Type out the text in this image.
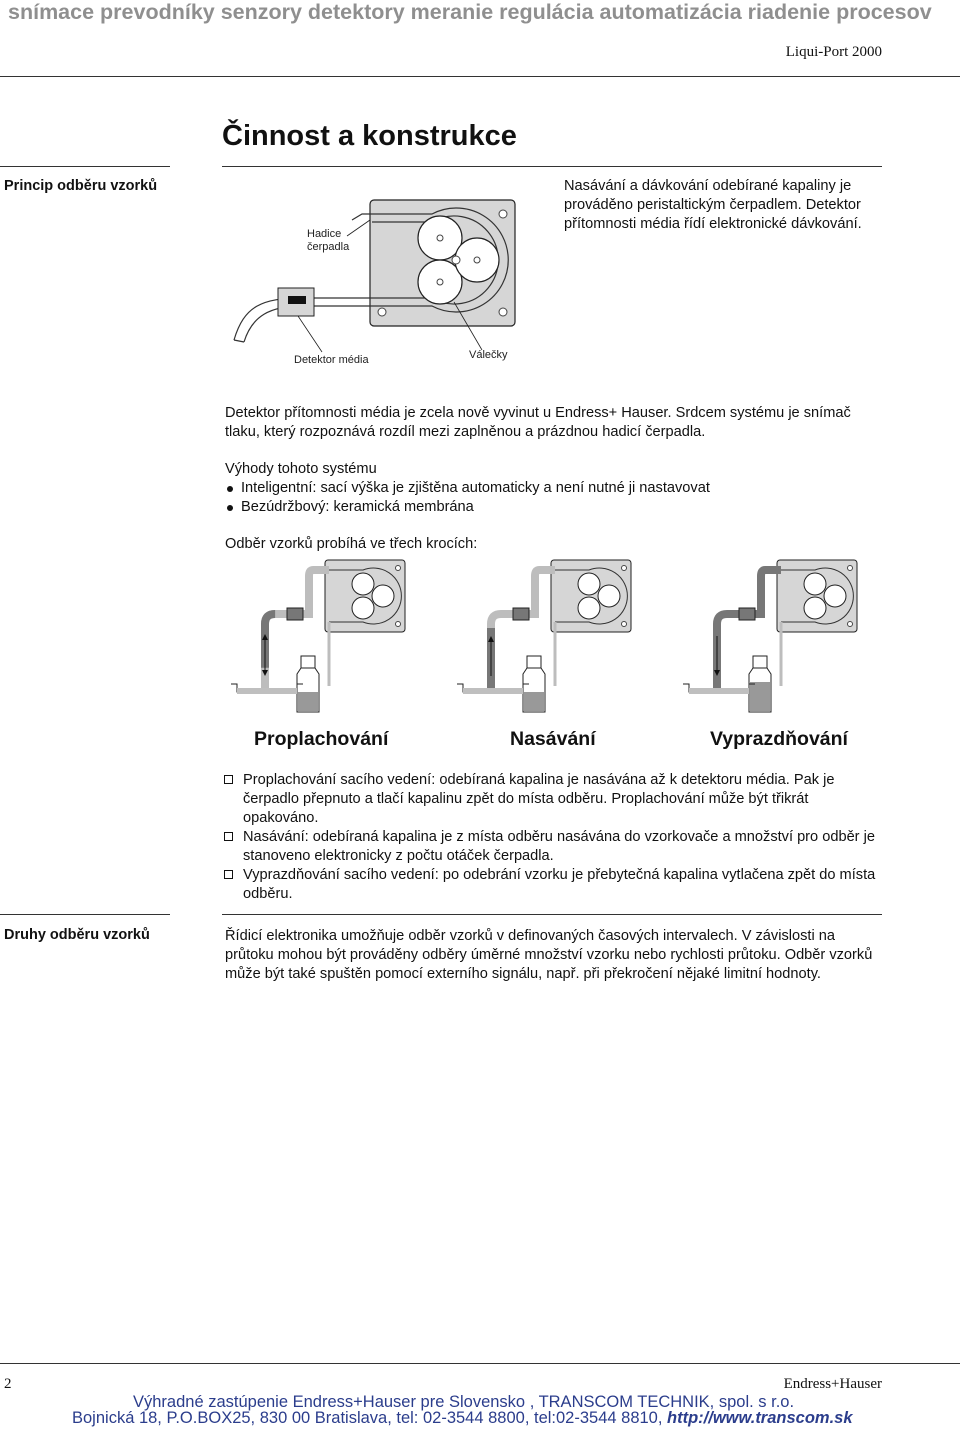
snímace prevodníky senzory detektory meranie regulácia automatizácia riadenie procesov
Liqui-Port 2000
Činnost a konstrukce
Princip odběru vzorků	Nasávání a dávkování odebírané kapaliny je prováděno peristaltickým čerpadlem. Detektor přítomnosti média řídí elektronické dávkování.
Hadice čerpadla
Detektor média	Válečky
Detektor přítomnosti média je zcela nově vyvinut u Endress+ Hauser. Srdcem systému je snímač tlaku, který rozpoznává rozdíl mezi zaplněnou a prázdnou hadicí čerpadla.
Výhody tohoto systému
Inteligentní: sací výška je zjištěna automaticky a není nutné ji nastavovat
Bezúdržbový: keramická membrána
Odběr vzorků probíhá ve třech krocích:
Proplachování	Nasávání	Vyprazdňování
Proplachování sacího vedení: odebíraná kapalina je nasávána až k detektoru média. Pak je čerpadlo přepnuto a tlačí kapalinu zpět do místa odběru. Proplachování může být třikrát opakováno.
Nasávání: odebíraná kapalina je z místa odběru nasávána do vzorkovače a množství pro odběr je stanoveno elektronicky z počtu otáček čerpadla.
Vyprazdňování sacího vedení: po odebrání vzorku je přebytečná kapalina vytlačena zpět do místa odběru.
Druhy odběru vzorků	Řídicí elektronika umožňuje odběr vzorků v definovaných časových intervalech. V závislosti na průtoku mohou být prováděny odběry úměrné množství vzorku nebo rychlosti průtoku. Odběr vzorků může být také spuštěn pomocí externího signálu, např. při překročení nějaké limitní hodnoty.
2	Endress+Hauser
Výhradné zastúpenie Endress+Hauser pre Slovensko , TRANSCOM TECHNIK, spol. s r.o.
Bojnická 18, P.O.BOX25, 830 00 Bratislava, tel: 02-3544 8800, tel:02-3544 8810, http://www.transcom.sk
